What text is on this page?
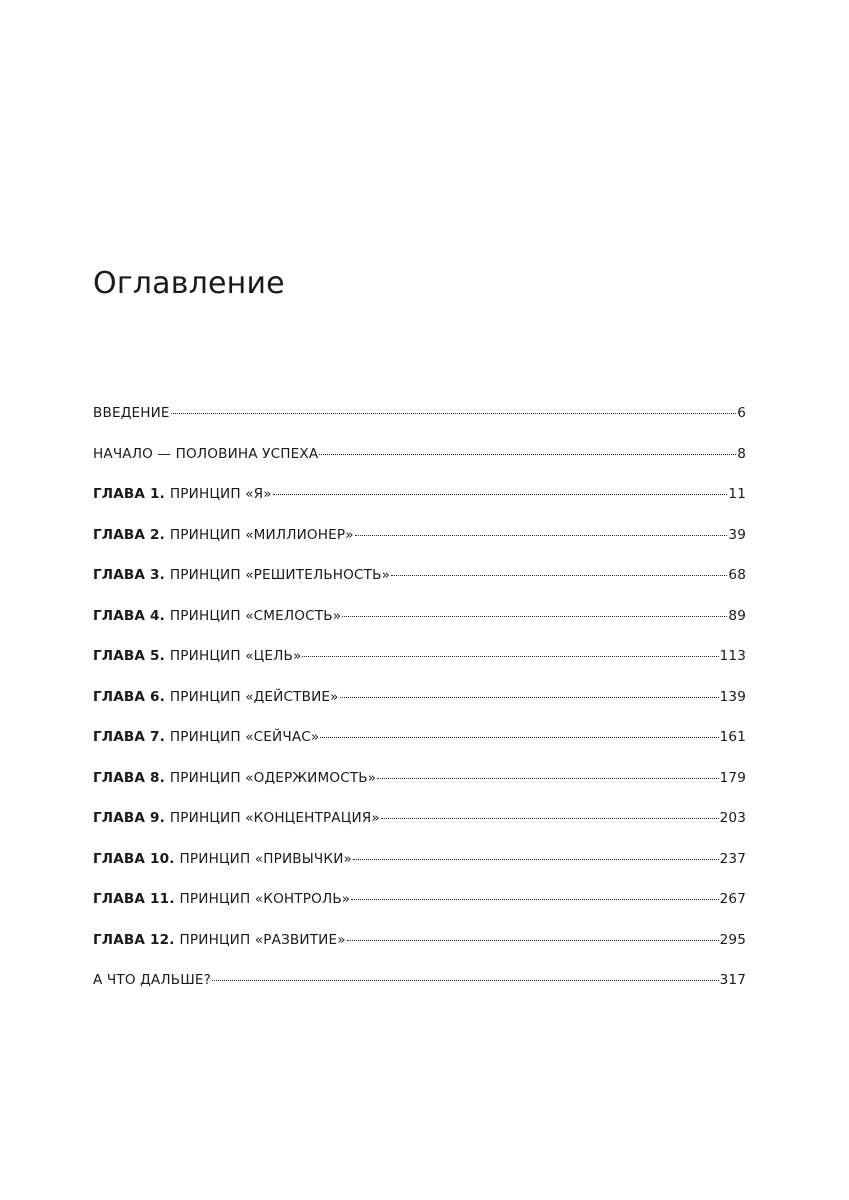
Оглавление
ВВЕДЕНИЕ	6
НАЧАЛО — ПОЛОВИНА УСПЕХА	8
ГЛАВА 1. ПРИНЦИП «Я»	11
ГЛАВА 2. ПРИНЦИП «МИЛЛИОНЕР»	39
ГЛАВА 3. ПРИНЦИП «РЕШИТЕЛЬНОСТЬ»	68
ГЛАВА 4. ПРИНЦИП «СМЕЛОСТЬ»	89
ГЛАВА 5. ПРИНЦИП «ЦЕЛЬ»	113
ГЛАВА 6. ПРИНЦИП «ДЕЙСТВИЕ»	139
ГЛАВА 7. ПРИНЦИП «СЕЙЧАС»	161
ГЛАВА 8. ПРИНЦИП «ОДЕРЖИМОСТЬ»	179
ГЛАВА 9. ПРИНЦИП «КОНЦЕНТРАЦИЯ»	203
ГЛАВА 10. ПРИНЦИП «ПРИВЫЧКИ»	237
ГЛАВА 11. ПРИНЦИП «КОНТРОЛЬ»	267
ГЛАВА 12. ПРИНЦИП «РАЗВИТИЕ»	295
А ЧТО ДАЛЬШЕ?	317
